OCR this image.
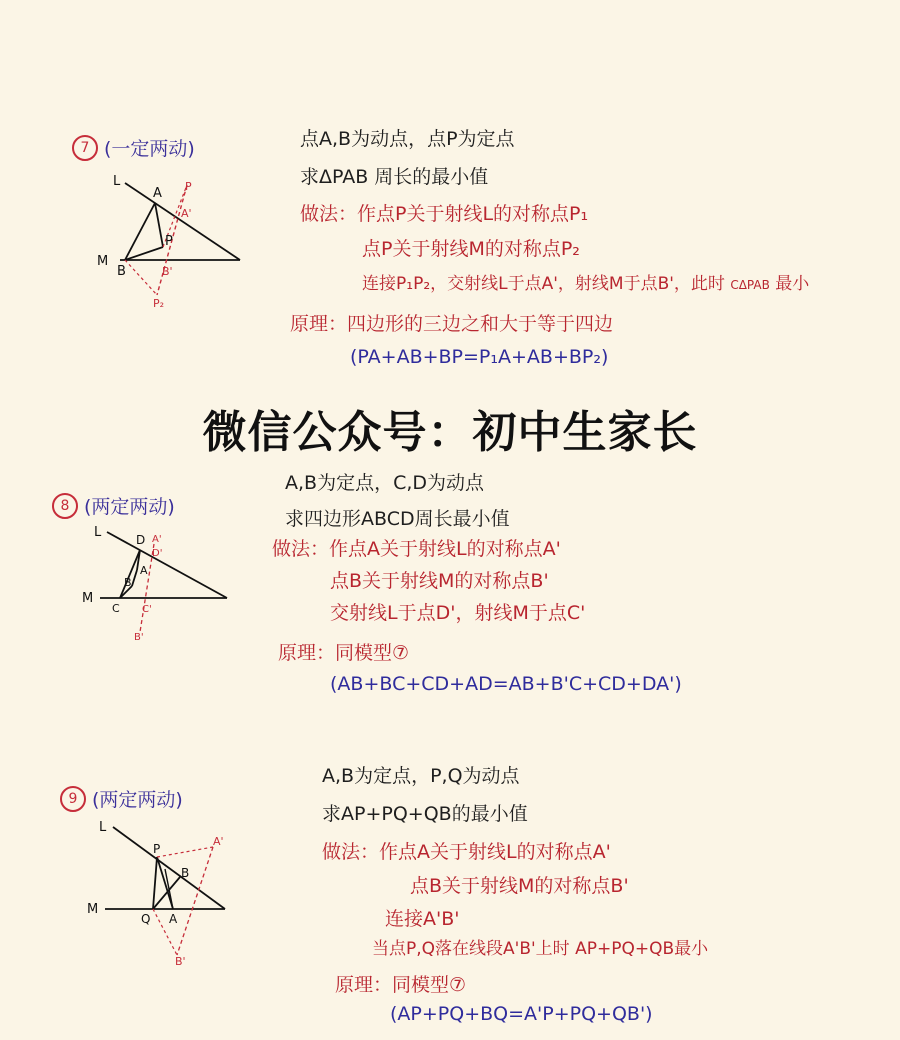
7 (一定两动)
L
A P
A'
P
M
B	B'
P₂
点A,B为动点，点P为定点
求ΔPAB 周长的最小值
做法：作点P关于射线L的对称点P₁
点P关于射线M的对称点P₂
连接P₁P₂，交射线L于点A'，射线M于点B'，此时 CΔPAB 最小
原理：四边形的三边之和大于等于四边
(PA+AB+BP=P₁A+AB+BP₂)
微信公众号：初中生家长
8 (两定两动)
L	D A'
D'
A
B
M
C C'
B'
A,B为定点，C,D为动点
求四边形ABCD周长最小值
做法：作点A关于射线L的对称点A'
点B关于射线M的对称点B'
交射线L于点D'，射线M于点C'
原理：同模型⑦
(AB+BC+CD+AD=AB+B'C+CD+DA')
9 (两定两动)
L
P
A'
B
M
Q A
B'
A,B为定点，P,Q为动点
求AP+PQ+QB的最小值
做法：作点A关于射线L的对称点A'
点B关于射线M的对称点B'
连接A'B'
当点P,Q落在线段A'B'上时 AP+PQ+QB最小
原理：同模型⑦
(AP+PQ+BQ=A'P+PQ+QB')
